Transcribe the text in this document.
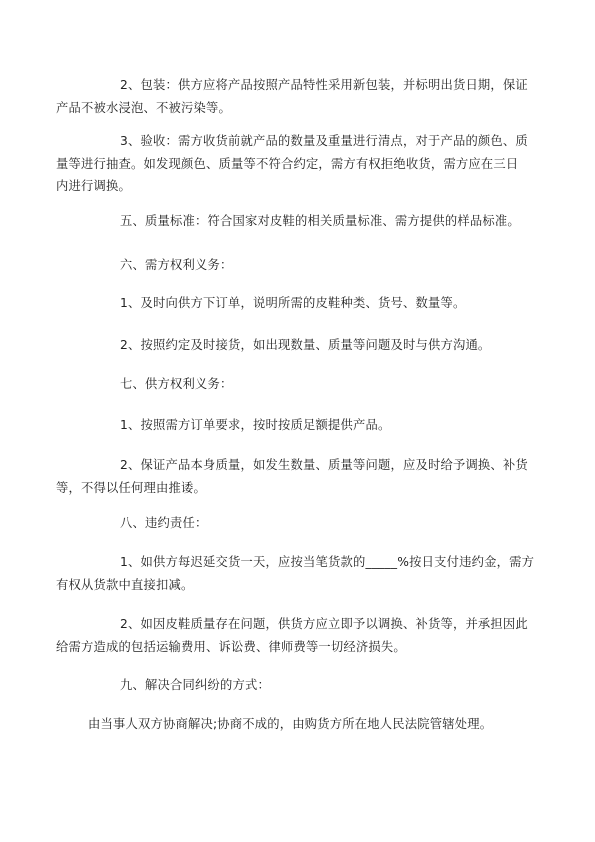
2、包装：供方应将产品按照产品特性采用新包装，并标明出货日期，保证
产品不被水浸泡、不被污染等。

3、验收：需方收货前就产品的数量及重量进行清点，对于产品的颜色、质
量等进行抽查。如发现颜色、质量等不符合约定，需方有权拒绝收货，需方应在三日
内进行调换。

五、质量标准：符合国家对皮鞋的相关质量标准、需方提供的样品标准。

六、需方权利义务：

1、及时向供方下订单，说明所需的皮鞋种类、货号、数量等。

2、按照约定及时接货，如出现数量、质量等问题及时与供方沟通。

七、供方权利义务：

1、按照需方订单要求，按时按质足额提供产品。

2、保证产品本身质量，如发生数量、质量等问题，应及时给予调换、补货
等，不得以任何理由推诿。

八、违约责任：

1、如供方每迟延交货一天，应按当笔货款的_____%按日支付违约金，需方
有权从货款中直接扣减。

2、如因皮鞋质量存在问题，供货方应立即予以调换、补货等，并承担因此
给需方造成的包括运输费用、诉讼费、律师费等一切经济损失。

九、解决合同纠纷的方式：

由当事人双方协商解决;协商不成的，由购货方所在地人民法院管辖处理。
